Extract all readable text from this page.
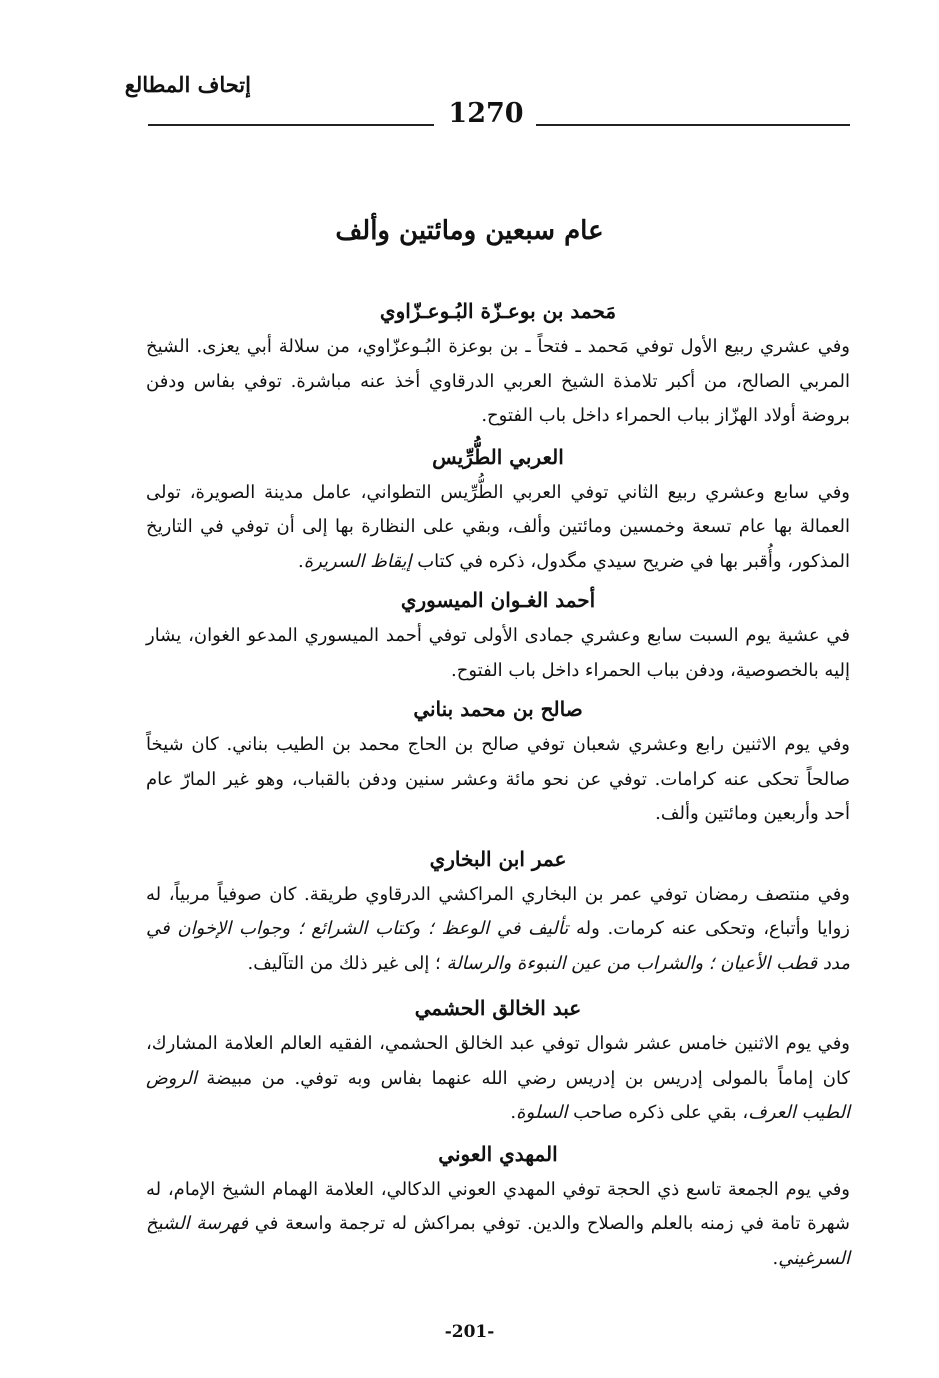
إتحاف المطالع
1270
عام سبعين ومائتين وألف
مَحمد بن بوعـزّة البُـوعـزّاوي

وفي عشري ربيع الأول توفي مَحمد ـ فتحاً ـ بن بوعزة البُـوعزّاوي، من سلالة أبي يعزى. الشيخ المربي الصالح، من أكبر تلامذة الشيخ العربي الدرقاوي أخذ عنه مباشرة. توفي بفاس ودفن بروضة أولاد الهزّاز بباب الحمراء داخل باب الفتوح.

العربي الطُّرِّيس

وفي سابع وعشري ربيع الثاني توفي العربي الطُّرِّيس التطواني، عامل مدينة الصويرة، تولى العمالة بها عام تسعة وخمسين ومائتين وألف، وبقي على النظارة بها إلى أن توفي في التاريخ المذكور، وأُقبر بها في ضريح سيدي مگدول، ذكره في كتاب إيقاظ السريرة.

أحمد الغـوان الميسوري

في عشية يوم السبت سابع وعشري جمادى الأولى توفي أحمد الميسوري المدعو الغوان، يشار إليه بالخصوصية، ودفن بباب الحمراء داخل باب الفتوح.

صالح بن محمد بناني

وفي يوم الاثنين رابع وعشري شعبان توفي صالح بن الحاج محمد بن الطيب بناني. كان شيخاً صالحاً تحكى عنه كرامات. توفي عن نحو مائة وعشر سنين ودفن بالقباب، وهو غير المارّ عام أحد وأربعين ومائتين وألف.

عمر ابن البخاري

وفي منتصف رمضان توفي عمر بن البخاري المراكشي الدرقاوي طريقة. كان صوفياً مربياً، له زوايا وأتباع، وتحكى عنه كرمات. وله تأليف في الوعظ ؛ وكتاب الشرائع ؛ وجواب الإخوان في مدد قطب الأعيان ؛ والشراب من عين النبوءة والرسالة ؛ إلى غير ذلك من التآليف.

عبد الخالق الحشمي

وفي يوم الاثنين خامس عشر شوال توفي عبد الخالق الحشمي، الفقيه العالم العلامة المشارك، كان إماماً بالمولى إدريس بن إدريس رضي الله عنهما بفاس وبه توفي. من مبيضة الروض الطيب العرف، بقي على ذكره صاحب السلوة.

المهدي العوني

وفي يوم الجمعة تاسع ذي الحجة توفي المهدي العوني الدكالي، العلامة الهمام الشيخ الإمام، له شهرة تامة في زمنه بالعلم والصلاح والدين. توفي بمراكش له ترجمة واسعة في فهرسة الشيخ السرغيني.

-201-
